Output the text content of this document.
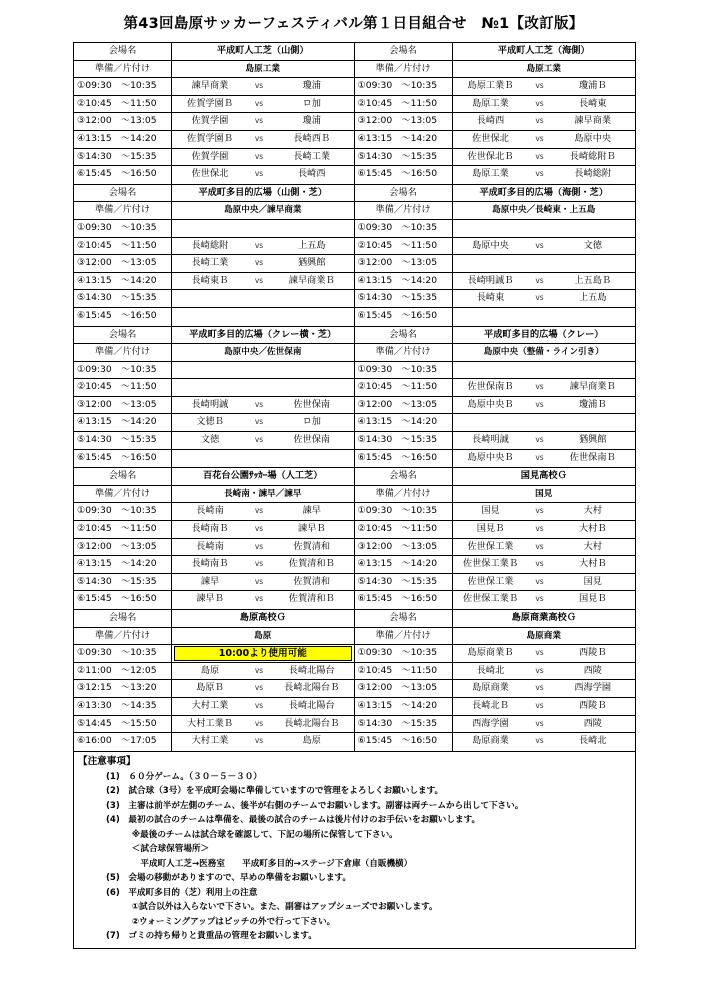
第43回島原サッカーフェスティバル第１日目組合せ　№1【改訂版】
会場名	平成町人工芝（山側）
準備／片付け	島原工業
①09:30　～10:35	諫早商業	vs	瓊浦
②10:45　～11:50	佐賀学園Ｂ	vs	ロ加
③12:00　～13:05	佐賀学園	vs	瓊浦
④13:15　～14:20	佐賀学園Ｂ	vs	長崎西Ｂ
⑤14:30　～15:35	佐賀学園	vs	長崎工業
⑥15:45　～16:50	佐世保北	vs	長崎西
会場名	平成町人工芝（海側）
準備／片付け	島原工業
①09:30　～10:35	島原工業Ｂ	vs	瓊浦Ｂ
②10:45　～11:50	島原工業	vs	長崎東
③12:00　～13:05	長崎西	vs	諫早商業
④13:15　～14:20	佐世保北	vs	島原中央
⑤14:30　～15:35	佐世保北Ｂ	vs	長崎総附Ｂ
⑥15:45　～16:50	島原工業	vs	長崎総附
会場名	平成町多目的広場（山側・芝）
準備／片付け	島原中央／諫早商業
①09:30　～10:35
②10:45　～11:50	長崎総附	vs	上五島
③12:00　～13:05	長崎工業	vs	猶興館
④13:15　～14:20	長崎東Ｂ	vs	諫早商業Ｂ
⑤14:30　～15:35
⑥15:45　～16:50
会場名	平成町多目的広場（海側・芝）
準備／片付け	島原中央／長崎東・上五島
①09:30　～10:35
②10:45　～11:50	島原中央	vs	文徳
③12:00　～13:05
④13:15　～14:20	長崎明誠Ｂ	vs	上五島Ｂ
⑤14:30　～15:35	長崎東	vs	上五島
⑥15:45　～16:50
会場名	平成町多目的広場（クレー横・芝）
準備／片付け	島原中央／佐世保南
①09:30　～10:35
②10:45　～11:50
③12:00　～13:05	長崎明誠	vs	佐世保南
④13:15　～14:20	文徳Ｂ	vs	ロ加
⑤14:30　～15:35	文徳	vs	佐世保南
⑥15:45　～16:50
会場名	平成町多目的広場（クレー）
準備／片付け	島原中央（整備・ライン引き）
①09:30　～10:35
②10:45　～11:50	佐世保南Ｂ	vs	諫早商業Ｂ
③12:00　～13:05	島原中央Ｂ	vs	瓊浦Ｂ
④13:15　～14:20
⑤14:30　～15:35	長崎明誠	vs	猶興館
⑥15:45　～16:50	島原中央Ｂ	vs	佐世保南Ｂ
会場名	百花台公園ｻｯｶｰ場（人工芝）
準備／片付け	長崎南・諫早／諫早
①09:30　～10:35	長崎南	vs	諫早
②10:45　～11:50	長崎南Ｂ	vs	諫早Ｂ
③12:00　～13:05	長崎南	vs	佐賀清和
④13:15　～14:20	長崎南Ｂ	vs	佐賀清和Ｂ
⑤14:30　～15:35	諫早	vs	佐賀清和
⑥15:45　～16:50	諫早Ｂ	vs	佐賀清和Ｂ
会場名	国見高校Ｇ
準備／片付け	国見
①09:30　～10:35	国見	vs	大村
②10:45　～11:50	国見Ｂ	vs	大村Ｂ
③12:00　～13:05	佐世保工業	vs	大村
④13:15　～14:20	佐世保工業Ｂ	vs	大村Ｂ
⑤14:30　～15:35	佐世保工業	vs	国見
⑥15:45　～16:50	佐世保工業Ｂ	vs	国見Ｂ
会場名	島原高校Ｇ
準備／片付け	島原
①09:30　～10:35	10:00より使用可能
②11:00　～12:05	島原	vs	長崎北陽台
③12:15　～13:20	島原Ｂ	vs	長崎北陽台Ｂ
④13:30　～14:35	大村工業	vs	長崎北陽台
⑤14:45　～15:50	大村工業Ｂ	vs	長崎北陽台Ｂ
⑥16:00　～17:05	大村工業	vs	島原
会場名	島原商業高校Ｇ
準備／片付け	島原商業
①09:30　～10:35	島原商業Ｂ	vs	西陵Ｂ
②10:45　～11:50	長崎北	vs	西陵
③12:00　～13:05	島原商業	vs	西海学園
④13:15　～14:20	長崎北Ｂ	vs	西陵Ｂ
⑤14:30　～15:35	西海学園	vs	西陵
⑥15:45　～16:50	島原商業	vs	長崎北
【注意事項】
(1)　６０分ゲーム。（３０－５－３０）
(2)　試合球（3号）を平成町会場に準備していますので管理をよろしくお願いします。
(3)　主審は前半が左側のチーム、後半が右側のチームでお願いします。副審は両チームから出して下さい。
(4)　最初の試合のチームは準備を、最後の試合のチームは後片付けのお手伝いをお願いします。
　　　※最後のチームは試合球を確認して、下記の場所に保管して下さい。
　　　＜試合球保管場所＞
　　　　平成町人工芝→医務室　　平成町多目的→ステージ下倉庫（自販機横）
(5)　会場の移動がありますので、早めの準備をお願いします。
(6)　平成町多目的（芝）利用上の注意
　　　①試合以外は入らないで下さい。また、副審はアップシューズでお願いします。
　　　②ウォーミングアップはピッチの外で行って下さい。
(7)　ゴミの持ち帰りと貴重品の管理をお願いします。
